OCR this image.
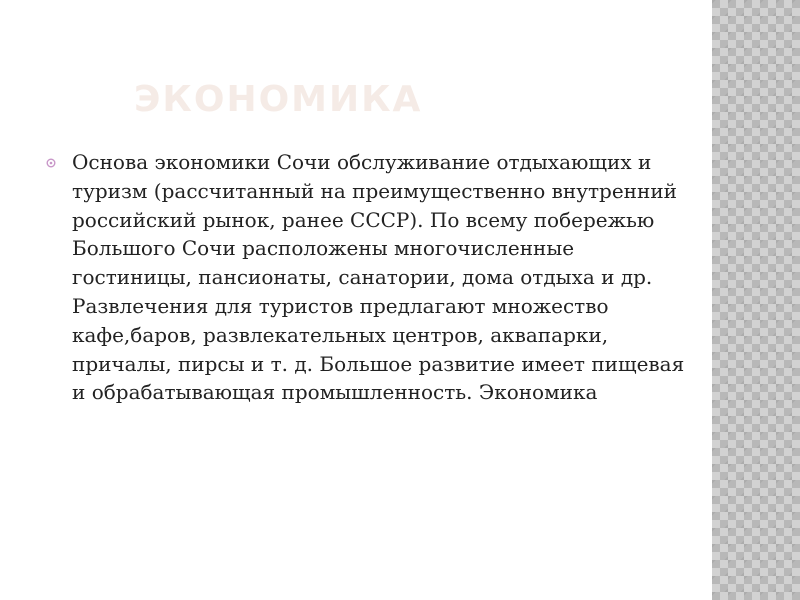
ЭКОНОМИКА

Основа экономики Сочи обслуживание отдыхающих и туризм (рассчитанный на преимущественно внутренний российский рынок, ранее СССР). По всему побережью Большого Сочи расположены многочисленные гостиницы, пансионаты, санатории, дома отдыха и др. Развлечения для туристов предлагают множество кафе,баров, развлекательных центров, аквапарки, причалы, пирсы и т. д. Большое развитие имеет пищевая и обрабатывающая промышленность. Экономика
